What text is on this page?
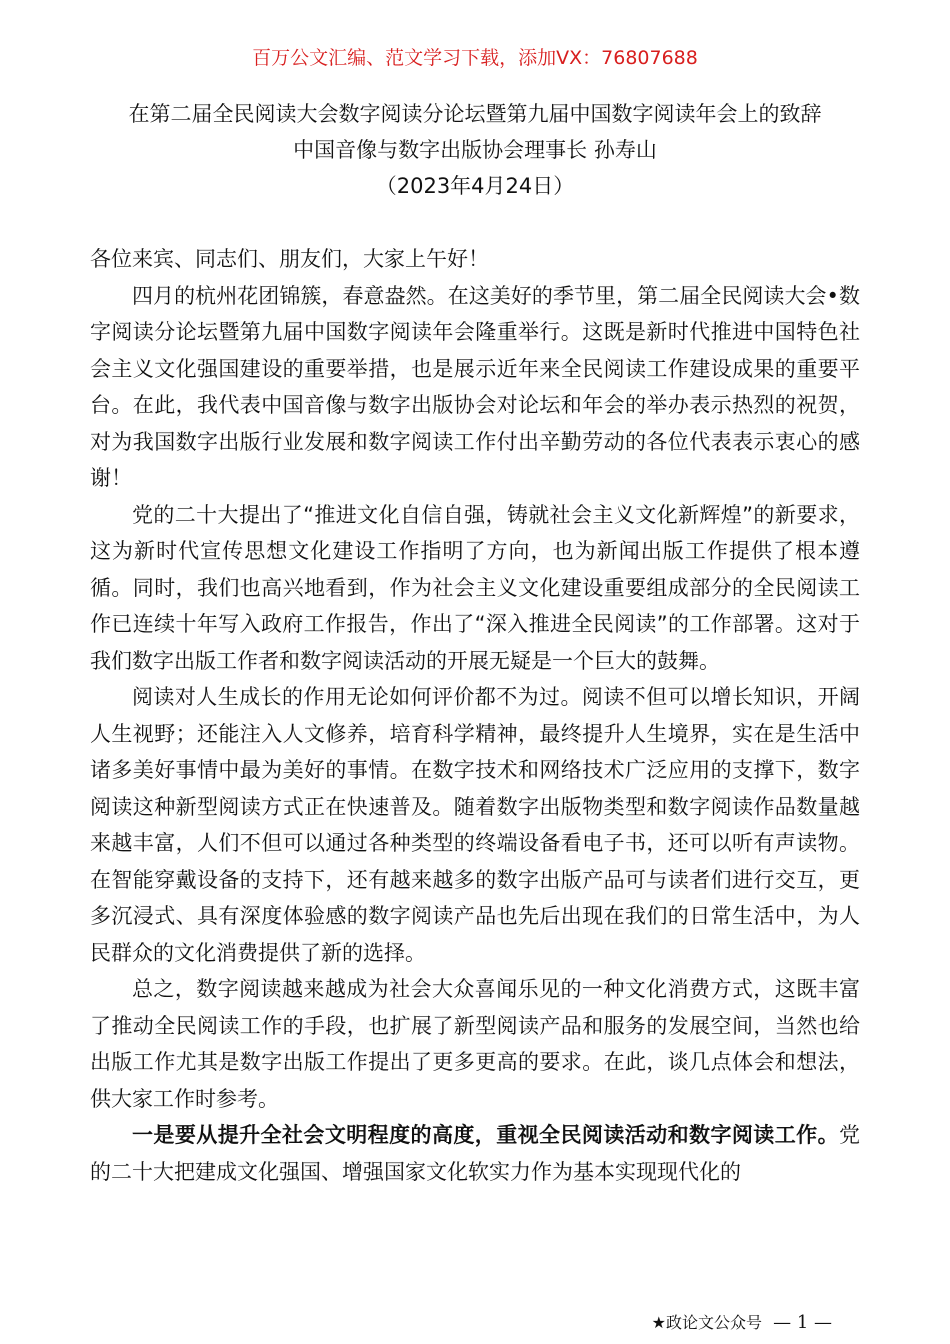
百万公文汇编、范文学习下载，添加VX：76807688
在第二届全民阅读大会数字阅读分论坛暨第九届中国数字阅读年会上的致辞
中国音像与数字出版协会理事长 孙寿山
（2023年4月24日）

各位来宾、同志们、朋友们，大家上午好！

四月的杭州花团锦簇，春意盎然。在这美好的季节里，第二届全民阅读大会•数字阅读分论坛暨第九届中国数字阅读年会隆重举行。这既是新时代推进中国特色社会主义文化强国建设的重要举措，也是展示近年来全民阅读工作建设成果的重要平台。在此，我代表中国音像与数字出版协会对论坛和年会的举办表示热烈的祝贺，对为我国数字出版行业发展和数字阅读工作付出辛勤劳动的各位代表表示衷心的感谢！

党的二十大提出了“推进文化自信自强，铸就社会主义文化新辉煌”的新要求，这为新时代宣传思想文化建设工作指明了方向，也为新闻出版工作提供了根本遵循。同时，我们也高兴地看到，作为社会主义文化建设重要组成部分的全民阅读工作已连续十年写入政府工作报告，作出了“深入推进全民阅读”的工作部署。这对于我们数字出版工作者和数字阅读活动的开展无疑是一个巨大的鼓舞。

阅读对人生成长的作用无论如何评价都不为过。阅读不但可以增长知识，开阔人生视野；还能注入人文修养，培育科学精神，最终提升人生境界，实在是生活中诸多美好事情中最为美好的事情。在数字技术和网络技术广泛应用的支撑下，数字阅读这种新型阅读方式正在快速普及。随着数字出版物类型和数字阅读作品数量越来越丰富，人们不但可以通过各种类型的终端设备看电子书，还可以听有声读物。在智能穿戴设备的支持下，还有越来越多的数字出版产品可与读者们进行交互，更多沉浸式、具有深度体验感的数字阅读产品也先后出现在我们的日常生活中，为人民群众的文化消费提供了新的选择。

总之，数字阅读越来越成为社会大众喜闻乐见的一种文化消费方式，这既丰富了推动全民阅读工作的手段，也扩展了新型阅读产品和服务的发展空间，当然也给出版工作尤其是数字出版工作提出了更多更高的要求。在此，谈几点体会和想法，供大家工作时参考。

一是要从提升全社会文明程度的高度，重视全民阅读活动和数字阅读工作。党的二十大把建成文化强国、增强国家文化软实力作为基本实现现代化的

★政论文公众号 — 1 —
